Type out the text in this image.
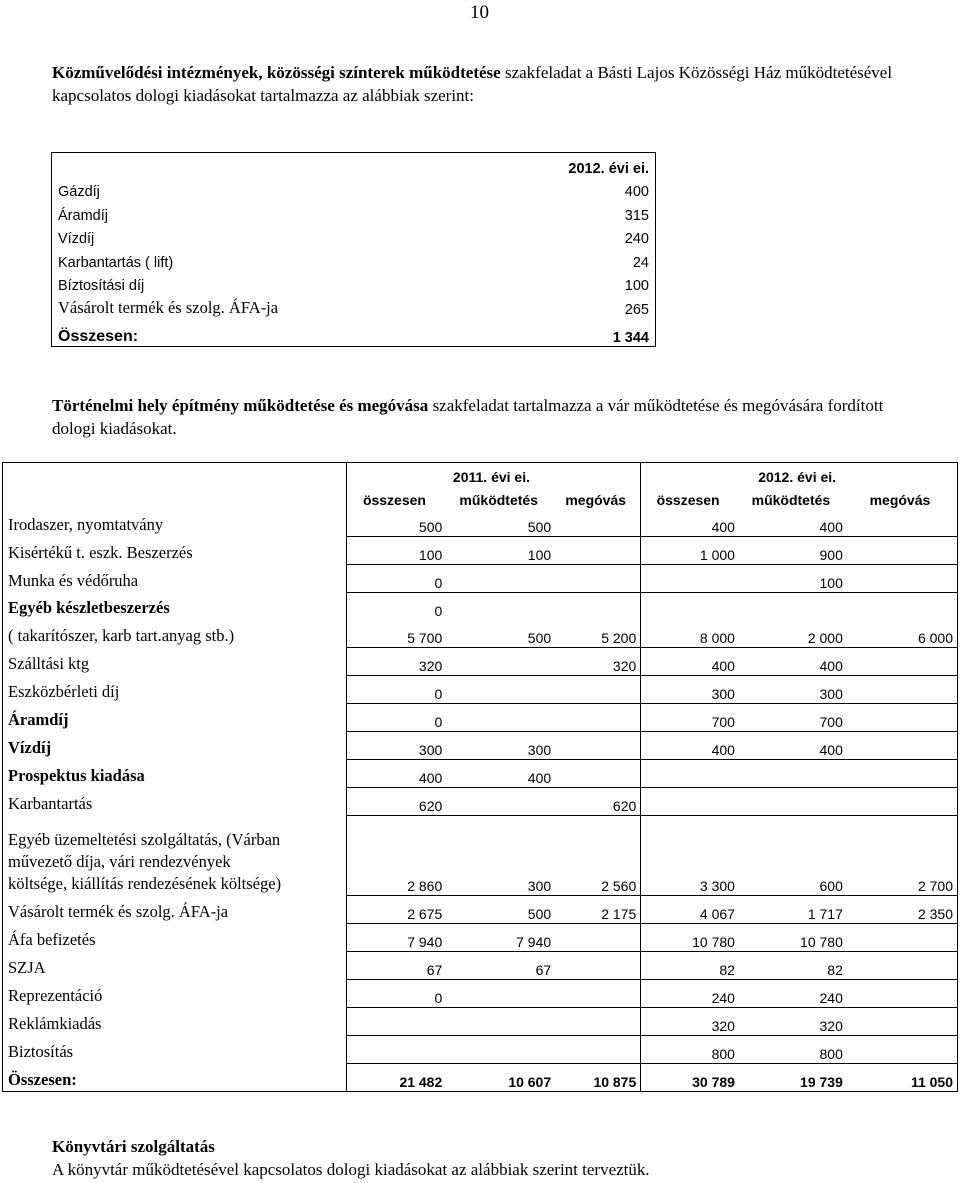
10
Közművelődési intézmények, közösségi színterek működtetése szakfeladat a Básti Lajos Közösségi Ház működtetésével kapcsolatos dologi kiadásokat tartalmazza az alábbiak szerint:
	2012. évi ei.
Gázdíj	400
Áramdíj	315
Vízdíj	240
Karbantartás ( lift)	24
Bíztosítási díj	100
Vásárolt termék és szolg. ÁFA-ja	265
Összesen:	1 344
Történelmi hely építmény működtetése és megóvása szakfeladat tartalmazza a vár működtetése és megóvására fordított dologi kiadásokat.
	2011. évi ei.			2012. évi ei.		
	összesen	működtetés	megóvás	összesen	működtetés	megóvás
Irodaszer, nyomtatvány	500	500		400	400	
Kisértékű t. eszk. Beszerzés	100	100		1 000	900	
Munka és védőruha	0				100	
Egyéb készletbeszerzés	0					
( takarítószer, karb tart.anyag stb.)	5 700	500	5 200	8 000	2 000	6 000
Szálltási ktg	320		320	400	400	
Eszközbérleti díj	0			300	300	
Áramdíj	0			700	700	
Vízdíj	300	300		400	400	
Prospektus kiadása	400	400				
Karbantartás	620		620			
Egyéb üzemeltetési szolgáltatás, (Várban
művezető díja, vári rendezvények
költsége, kiállítás rendezésének költsége)	2 860	300	2 560	3 300	600	2 700
Vásárolt termék és szolg. ÁFA-ja	2 675	500	2 175	4 067	1 717	2 350
Áfa befizetés	7 940	7 940		10 780	10 780	
SZJA	67	67		82	82	
Reprezentáció	0			240	240	
Reklámkiadás				320	320	
Biztosítás				800	800	
Összesen:	21 482	10 607	10 875	30 789	19 739	11 050
Könyvtári szolgáltatás
A könyvtár működtetésével kapcsolatos dologi kiadásokat az alábbiak szerint terveztük.
